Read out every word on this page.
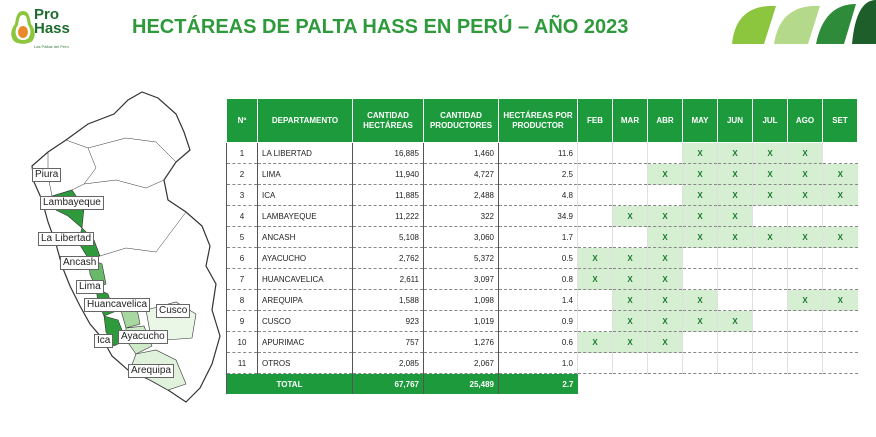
Pro
Hass
Las Paltas del Perú
HECTÁREAS DE PALTA HASS EN PERÚ – AÑO 2023
Piura
Lambayeque
La Libertad
Ancash
Lima
Huancavelica
Cusco
Ica	Ayacucho
Arequipa
Nº	DEPARTAMENTO	CANTIDAD HECTÁREAS	CANTIDAD PRODUCTORES	HECTÁREAS POR PRODUCTOR	FEB	MAR	ABR	MAY	JUN	JUL	AGO	SET
1	LA LIBERTAD	16,885	1,460	11.6				X	X	X	X	
2	LIMA	11,940	4,727	2.5			X	X	X	X	X	X
3	ICA	11,885	2,488	4.8				X	X	X	X	X
4	LAMBAYEQUE	11,222	322	34.9		X	X	X	X			
5	ANCASH	5,108	3,060	1.7			X	X	X	X	X	X
6	AYACUCHO	2,762	5,372	0.5	X	X	X					
7	HUANCAVELICA	2,611	3,097	0.8	X	X	X					
8	AREQUIPA	1,588	1,098	1.4		X	X	X			X	X
9	CUSCO	923	1,019	0.9		X	X	X	X			
10	APURIMAC	757	1,276	0.6	X	X	X					
11	OTROS	2,085	2,067	1.0								
TOTAL		67,767	25,489	2.7								
